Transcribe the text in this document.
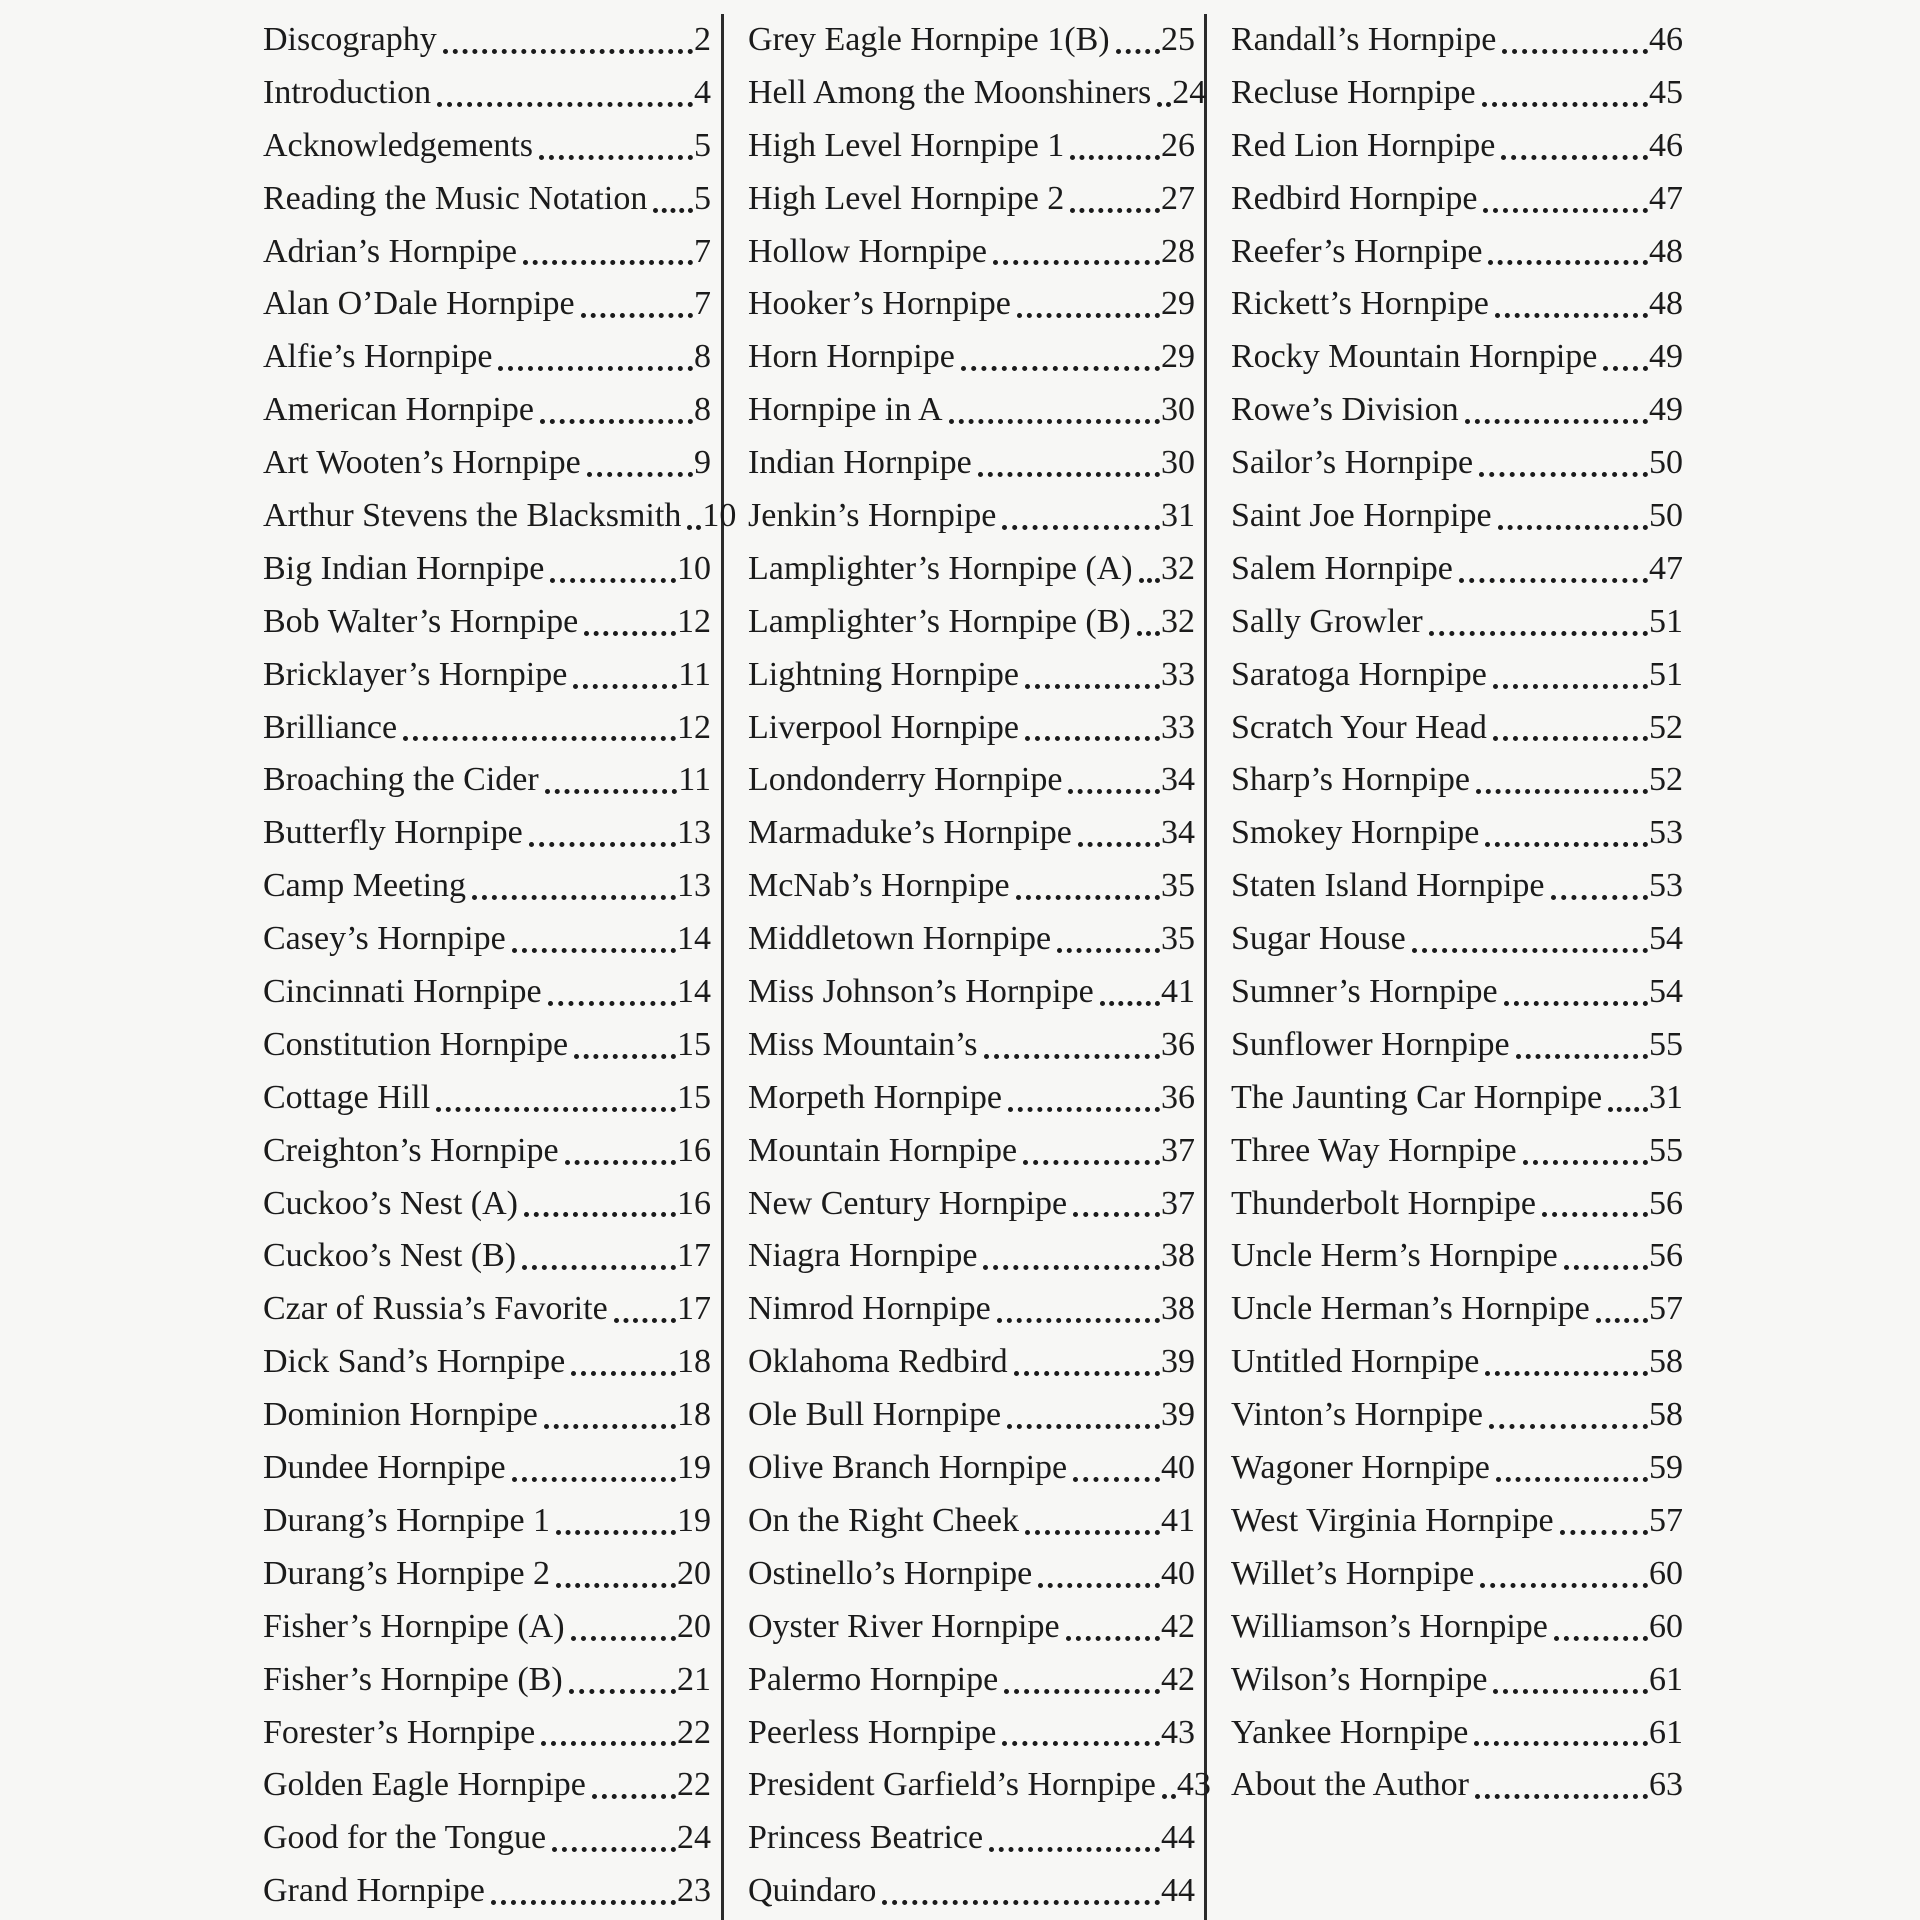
Discography	2
Introduction	4
Acknowledgements	5
Reading the Music Notation 5
Adrian’s Hornpipe	7
Alan O’Dale Hornpipe	7
Alfie’s Hornpipe	8
American Hornpipe	8
Art Wooten’s Hornpipe	9
Arthur Stevens the Blacksmith 10
Big Indian Hornpipe	10
Bob Walter’s Hornpipe	12
Bricklayer’s Hornpipe	11
Brilliance	12
Broaching the Cider	11
Butterfly Hornpipe	13
Camp Meeting	13
Casey’s Hornpipe	14
Cincinnati Hornpipe	14
Constitution Hornpipe	15
Cottage Hill	15
Creighton’s Hornpipe	16
Cuckoo’s Nest (A)	16
Cuckoo’s Nest (B)	17
Czar of Russia’s Favorite 17
Dick Sand’s Hornpipe	18
Dominion Hornpipe	18
Dundee Hornpipe	19
Durang’s Hornpipe 1	19
Durang’s Hornpipe 2	20
Fisher’s Hornpipe (A)	20
Fisher’s Hornpipe (B)	21
Forester’s Hornpipe	22
Golden Eagle Hornpipe	22
Good for the Tongue	24
Grand Hornpipe	23
Grey Eagle Hornpipe 1(B) 25
Hell Among the Moonshiners 24
High Level Hornpipe 1	26
High Level Hornpipe 2	27
Hollow Hornpipe	28
Hooker’s Hornpipe	29
Horn Hornpipe	29
Hornpipe in A	30
Indian Hornpipe	30
Jenkin’s Hornpipe	31
Lamplighter’s Hornpipe (A) 32
Lamplighter’s Hornpipe (B) 32
Lightning Hornpipe	33
Liverpool Hornpipe	33
Londonderry Hornpipe	34
Marmaduke’s Hornpipe	34
McNab’s Hornpipe	35
Middletown Hornpipe	35
Miss Johnson’s Hornpipe 41
Miss Mountain’s	36
Morpeth Hornpipe	36
Mountain Hornpipe	37
New Century Hornpipe	37
Niagra Hornpipe	38
Nimrod Hornpipe	38
Oklahoma Redbird	39
Ole Bull Hornpipe	39
Olive Branch Hornpipe	40
On the Right Cheek	41
Ostinello’s Hornpipe	40
Oyster River Hornpipe	42
Palermo Hornpipe	42
Peerless Hornpipe	43
President Garfield’s Hornpipe 43
Princess Beatrice	44
Quindaro	44
Randall’s Hornpipe	46
Recluse Hornpipe	45
Red Lion Hornpipe	46
Redbird Hornpipe	47
Reefer’s Hornpipe	48
Rickett’s Hornpipe	48
Rocky Mountain Hornpipe 49
Rowe’s Division	49
Sailor’s Hornpipe	50
Saint Joe Hornpipe	50
Salem Hornpipe	47
Sally Growler	51
Saratoga Hornpipe	51
Scratch Your Head	52
Sharp’s Hornpipe	52
Smokey Hornpipe	53
Staten Island Hornpipe	53
Sugar House	54
Sumner’s Hornpipe	54
Sunflower Hornpipe	55
The Jaunting Car Hornpipe 31
Three Way Hornpipe	55
Thunderbolt Hornpipe	56
Uncle Herm’s Hornpipe	56
Uncle Herman’s Hornpipe 57
Untitled Hornpipe	58
Vinton’s Hornpipe	58
Wagoner Hornpipe	59
West Virginia Hornpipe	57
Willet’s Hornpipe	60
Williamson’s Hornpipe	60
Wilson’s Hornpipe	61
Yankee Hornpipe	61
About the Author	63
